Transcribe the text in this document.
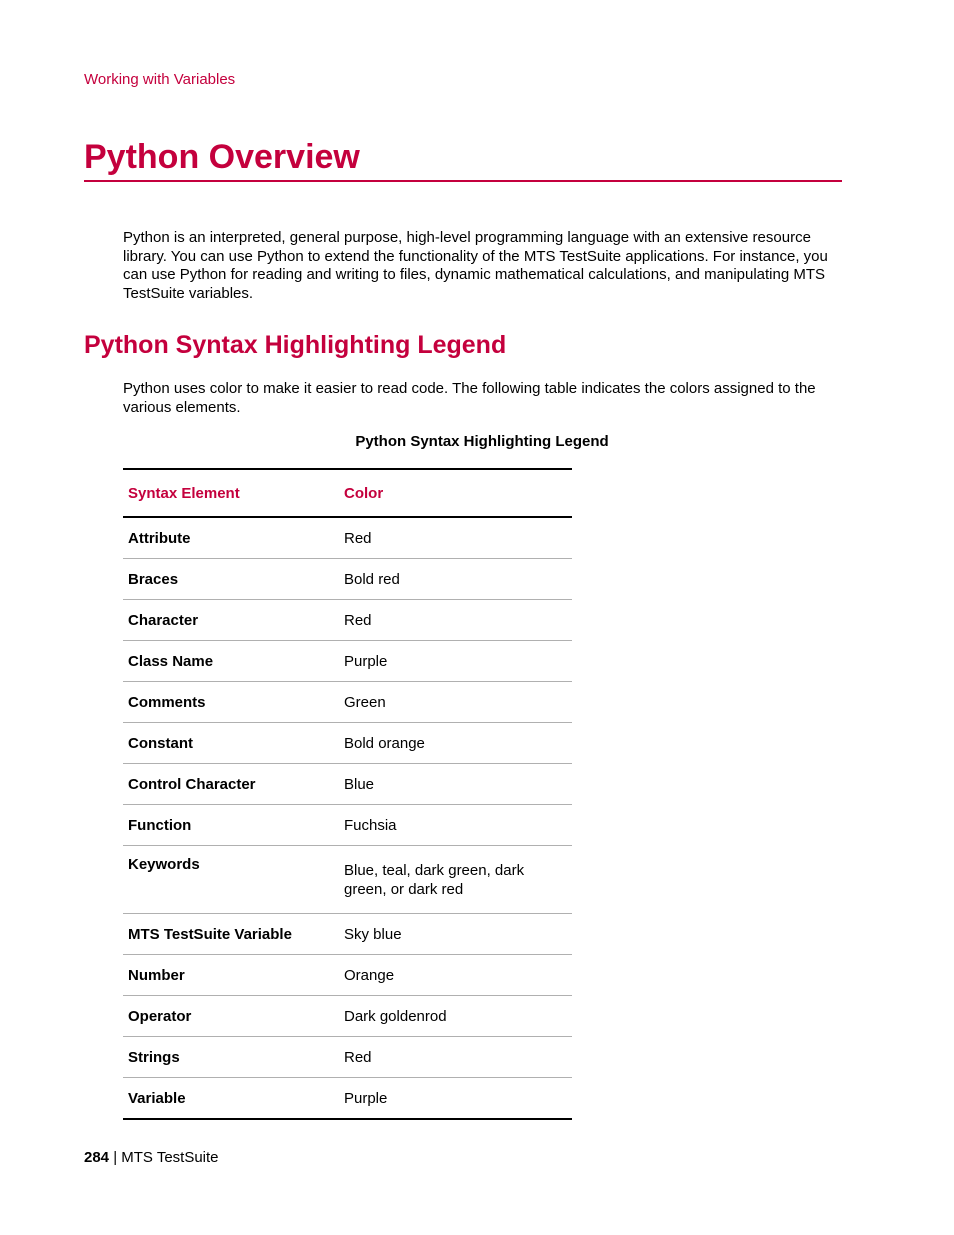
Working with Variables
Python Overview

Python is an interpreted, general purpose, high-level programming language with an extensive resource library. You can use Python to extend the functionality of the MTS TestSuite applications. For instance, you can use Python for reading and writing to files, dynamic mathematical calculations, and manipulating MTS TestSuite variables.

Python Syntax Highlighting Legend

Python uses color to make it easier to read code. The following table indicates the colors assigned to the various elements.

Python Syntax Highlighting Legend
Syntax Element	Color
Attribute	Red
Braces	Bold red
Character	Red
Class Name	Purple
Comments	Green
Constant	Bold orange
Control Character	Blue
Function	Fuchsia
Keywords	Blue, teal, dark green, dark green, or dark red
MTS TestSuite Variable	Sky blue
Number	Orange
Operator	Dark goldenrod
Strings	Red
Variable	Purple
284 | MTS TestSuite
